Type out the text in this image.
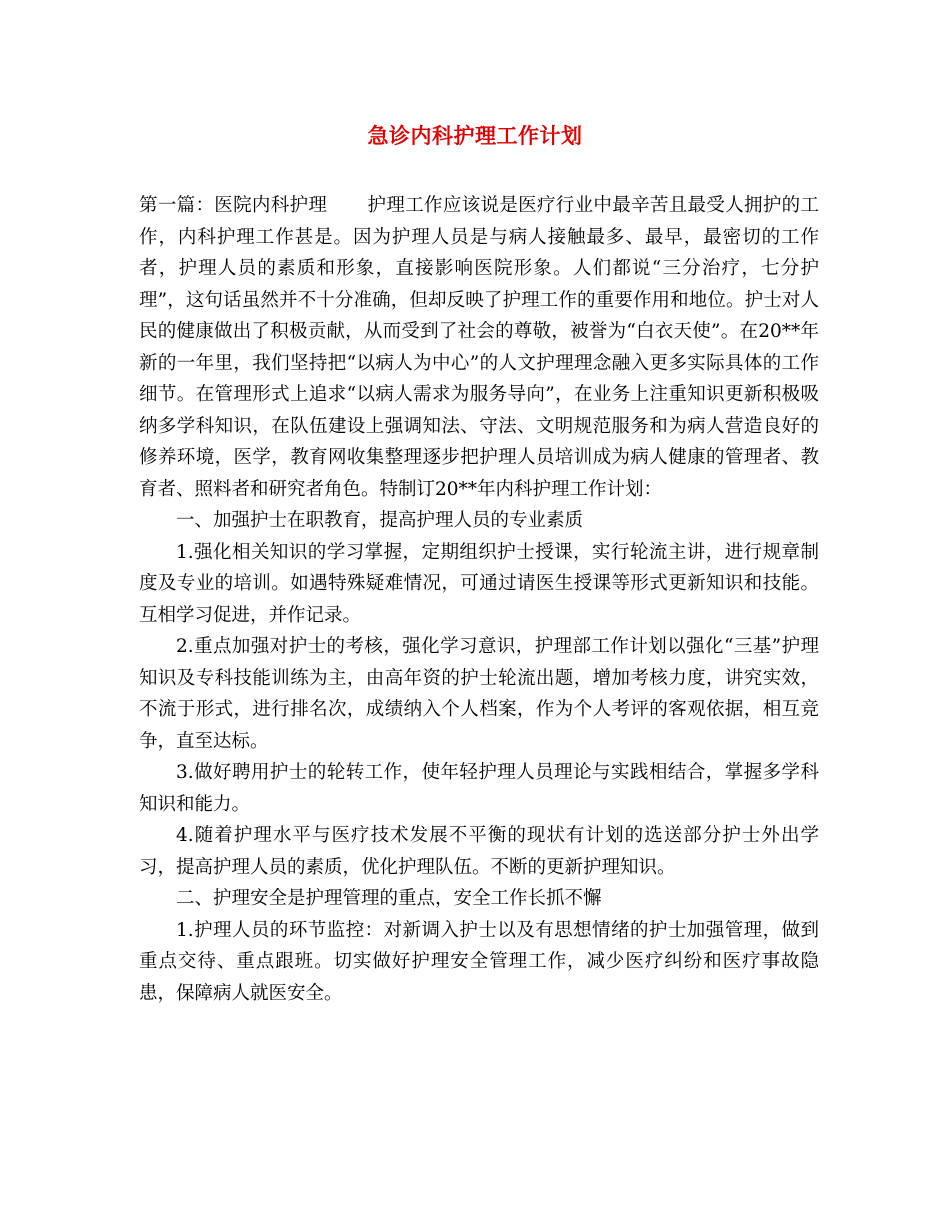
急诊内科护理工作计划

第一篇：医院内科护理 护理工作应该说是医疗行业中最辛苦且最受人拥护的工作，内科护理工作甚是。因为护理人员是与病人接触最多、最早，最密切的工作者，护理人员的素质和形象，直接影响医院形象。人们都说“三分治疗，七分护理”，这句话虽然并不十分准确，但却反映了护理工作的重要作用和地位。护士对人民的健康做出了积极贡献，从而受到了社会的尊敬，被誉为“白衣天使”。在20**年新的一年里，我们坚持把“以病人为中心”的人文护理理念融入更多实际具体的工作细节。在管理形式上追求“以病人需求为服务导向”，在业务上注重知识更新积极吸纳多学科知识，在队伍建设上强调知法、守法、文明规范服务和为病人营造良好的修养环境，医学，教育网收集整理逐步把护理人员培训成为病人健康的管理者、教育者、照料者和研究者角色。特制订20**年内科护理工作计划：

一、加强护士在职教育，提高护理人员的专业素质

1.强化相关知识的学习掌握，定期组织护士授课，实行轮流主讲，进行规章制度及专业的培训。如遇特殊疑难情况，可通过请医生授课等形式更新知识和技能。互相学习促进，并作记录。

2.重点加强对护士的考核，强化学习意识，护理部工作计划以强化“三基”护理知识及专科技能训练为主，由高年资的护士轮流出题，增加考核力度，讲究实效，不流于形式，进行排名次，成绩纳入个人档案，作为个人考评的客观依据，相互竞争，直至达标。

3.做好聘用护士的轮转工作，使年轻护理人员理论与实践相结合，掌握多学科知识和能力。

4.随着护理水平与医疗技术发展不平衡的现状有计划的选送部分护士外出学习，提高护理人员的素质，优化护理队伍。不断的更新护理知识。

二、护理安全是护理管理的重点，安全工作长抓不懈

1.护理人员的环节监控：对新调入护士以及有思想情绪的护士加强管理，做到重点交待、重点跟班。切实做好护理安全管理工作，减少医疗纠纷和医疗事故隐患，保障病人就医安全。
